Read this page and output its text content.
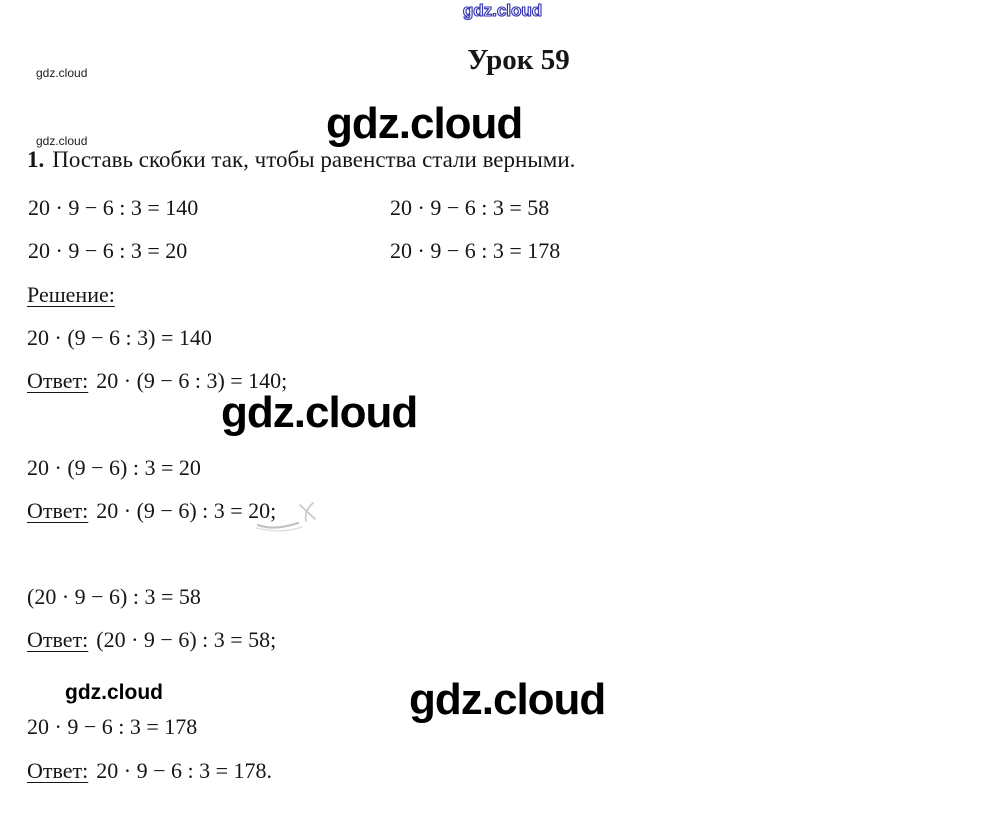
gdz.cloud
gdz.cloud
gdz.cloud	gdz.cloud
gdz.cloud
gdz.cloud	gdz.cloud
Урок 59
1. Поставь скобки так, чтобы равенства стали верными.
20 · 9 − 6 : 3 = 140	20 · 9 − 6 : 3 = 58
20 · 9 − 6 : 3 = 20	20 · 9 − 6 : 3 = 178
Решение:
20 · (9 − 6 : 3) = 140
Ответ: 20 · (9 − 6 : 3) = 140;
20 · (9 − 6) : 3 = 20
Ответ: 20 · (9 − 6) : 3 = 20;
(20 · 9 − 6) : 3 = 58
Ответ: (20 · 9 − 6) : 3 = 58;
20 · 9 − 6 : 3 = 178
Ответ: 20 · 9 − 6 : 3 = 178.
